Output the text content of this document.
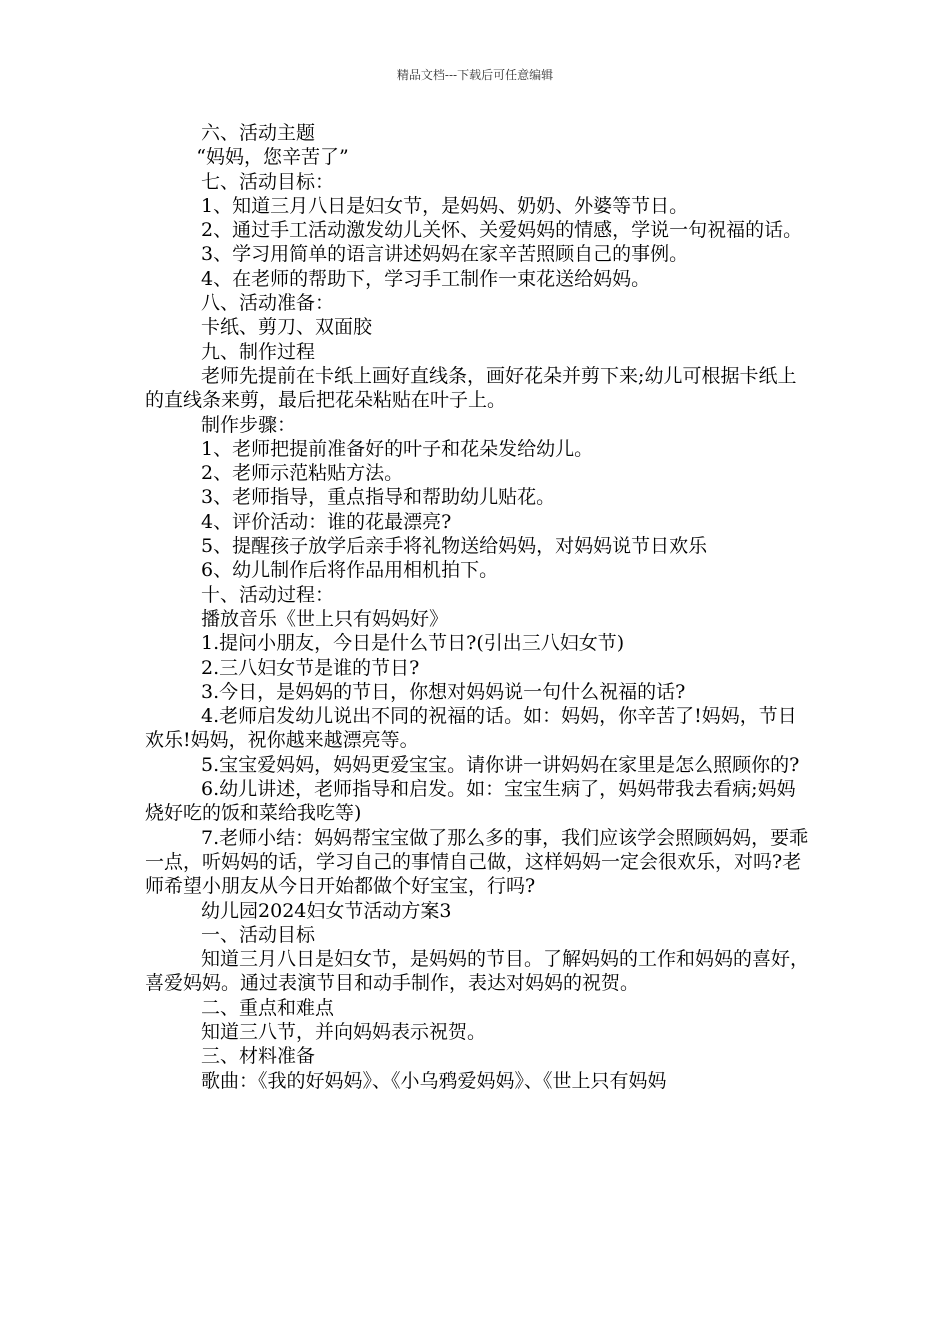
精品文档---下载后可任意编辑

六、活动主题

“妈妈，您辛苦了”

七、活动目标：

1、知道三月八日是妇女节，是妈妈、奶奶、外婆等节日。

2、通过手工活动激发幼儿关怀、关爱妈妈的情感，学说一句祝福的话。

3、学习用简单的语言讲述妈妈在家辛苦照顾自己的事例。

4、在老师的帮助下，学习手工制作一束花送给妈妈。

八、活动准备：

卡纸、剪刀、双面胶

九、制作过程

老师先提前在卡纸上画好直线条，画好花朵并剪下来;幼儿可根据卡纸上的直线条来剪，最后把花朵粘贴在叶子上。

制作步骤：

1、老师把提前准备好的叶子和花朵发给幼儿。

2、老师示范粘贴方法。

3、老师指导，重点指导和帮助幼儿贴花。

4、评价活动：谁的花最漂亮?

5、提醒孩子放学后亲手将礼物送给妈妈，对妈妈说节日欢乐

6、幼儿制作后将作品用相机拍下。

十、活动过程：

播放音乐《世上只有妈妈好》

1.提问小朋友，今日是什么节日?(引出三八妇女节)

2.三八妇女节是谁的节日?

3.今日，是妈妈的节日，你想对妈妈说一句什么祝福的话?

4.老师启发幼儿说出不同的祝福的话。如：妈妈，你辛苦了!妈妈，节日欢乐!妈妈，祝你越来越漂亮等。

5.宝宝爱妈妈，妈妈更爱宝宝。请你讲一讲妈妈在家里是怎么照顾你的?

6.幼儿讲述，老师指导和启发。如：宝宝生病了，妈妈带我去看病;妈妈烧好吃的饭和菜给我吃等)

7.老师小结：妈妈帮宝宝做了那么多的事，我们应该学会照顾妈妈，要乖一点，听妈妈的话，学习自己的事情自己做，这样妈妈一定会很欢乐，对吗?老师希望小朋友从今日开始都做个好宝宝，行吗?

幼儿园2024妇女节活动方案3

一、活动目标

知道三月八日是妇女节，是妈妈的节目。了解妈妈的工作和妈妈的喜好，喜爱妈妈。通过表演节目和动手制作，表达对妈妈的祝贺。

二、重点和难点

知道三八节，并向妈妈表示祝贺。

三、材料准备

歌曲：《我的好妈妈》、《小乌鸦爱妈妈》、《世上只有妈妈
